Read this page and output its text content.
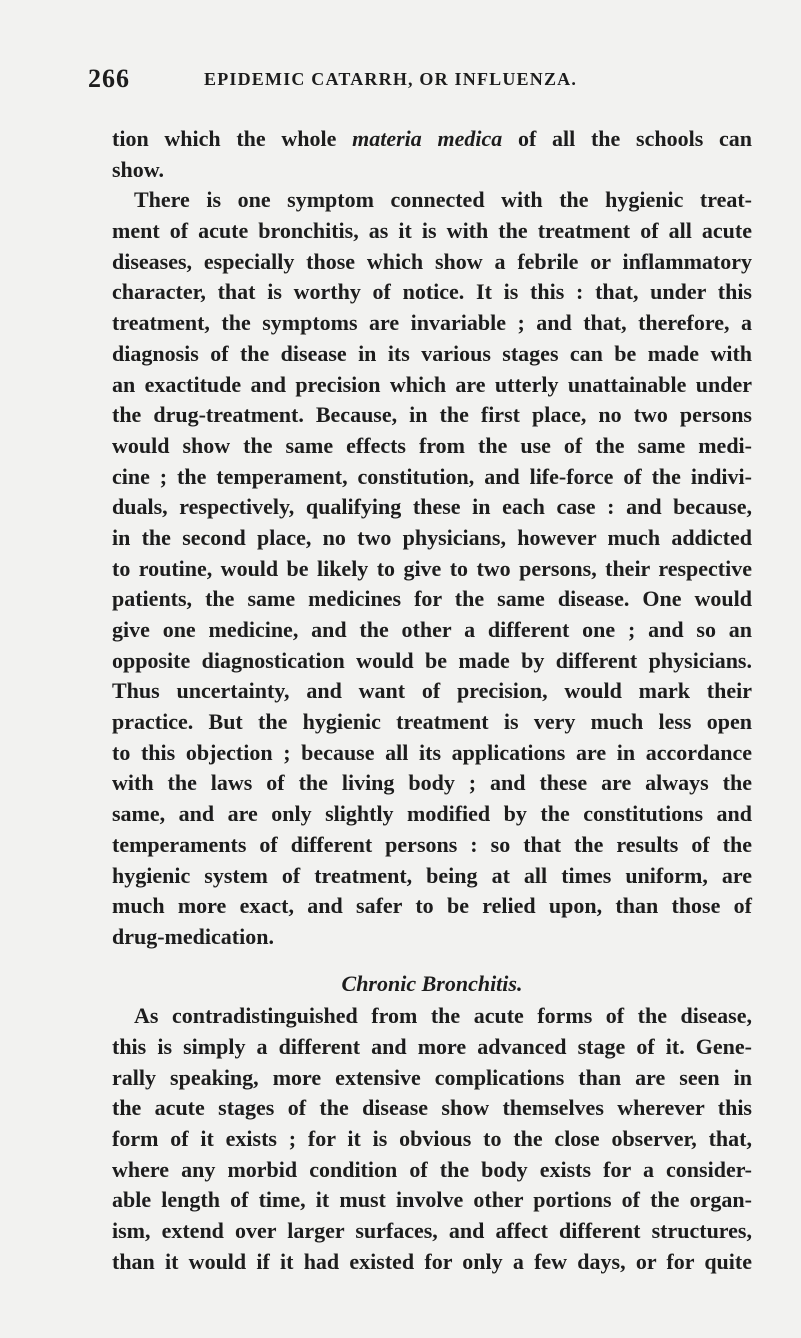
266	EPIDEMIC CATARRH, OR INFLUENZA.
tion which the whole materia medica of all the schools can
show.
There is one symptom connected with the hygienic treat-
ment of acute bronchitis, as it is with the treatment of all acute
diseases, especially those which show a febrile or inflammatory
character, that is worthy of notice. It is this : that, under this
treatment, the symptoms are invariable ; and that, therefore, a
diagnosis of the disease in its various stages can be made with
an exactitude and precision which are utterly unattainable under
the drug-treatment. Because, in the first place, no two persons
would show the same effects from the use of the same medi-
cine ; the temperament, constitution, and life-force of the indivi-
duals, respectively, qualifying these in each case : and because,
in the second place, no two physicians, however much addicted
to routine, would be likely to give to two persons, their respective
patients, the same medicines for the same disease. One would
give one medicine, and the other a different one ; and so an
opposite diagnostication would be made by different physicians.
Thus uncertainty, and want of precision, would mark their
practice. But the hygienic treatment is very much less open
to this objection ; because all its applications are in accordance
with the laws of the living body ; and these are always the
same, and are only slightly modified by the constitutions and
temperaments of different persons : so that the results of the
hygienic system of treatment, being at all times uniform, are
much more exact, and safer to be relied upon, than those of
drug-medication.
Chronic Bronchitis.
As contradistinguished from the acute forms of the disease,
this is simply a different and more advanced stage of it. Gene-
rally speaking, more extensive complications than are seen in
the acute stages of the disease show themselves wherever this
form of it exists ; for it is obvious to the close observer, that,
where any morbid condition of the body exists for a consider-
able length of time, it must involve other portions of the organ-
ism, extend over larger surfaces, and affect different structures,
than it would if it had existed for only a few days, or for quite
